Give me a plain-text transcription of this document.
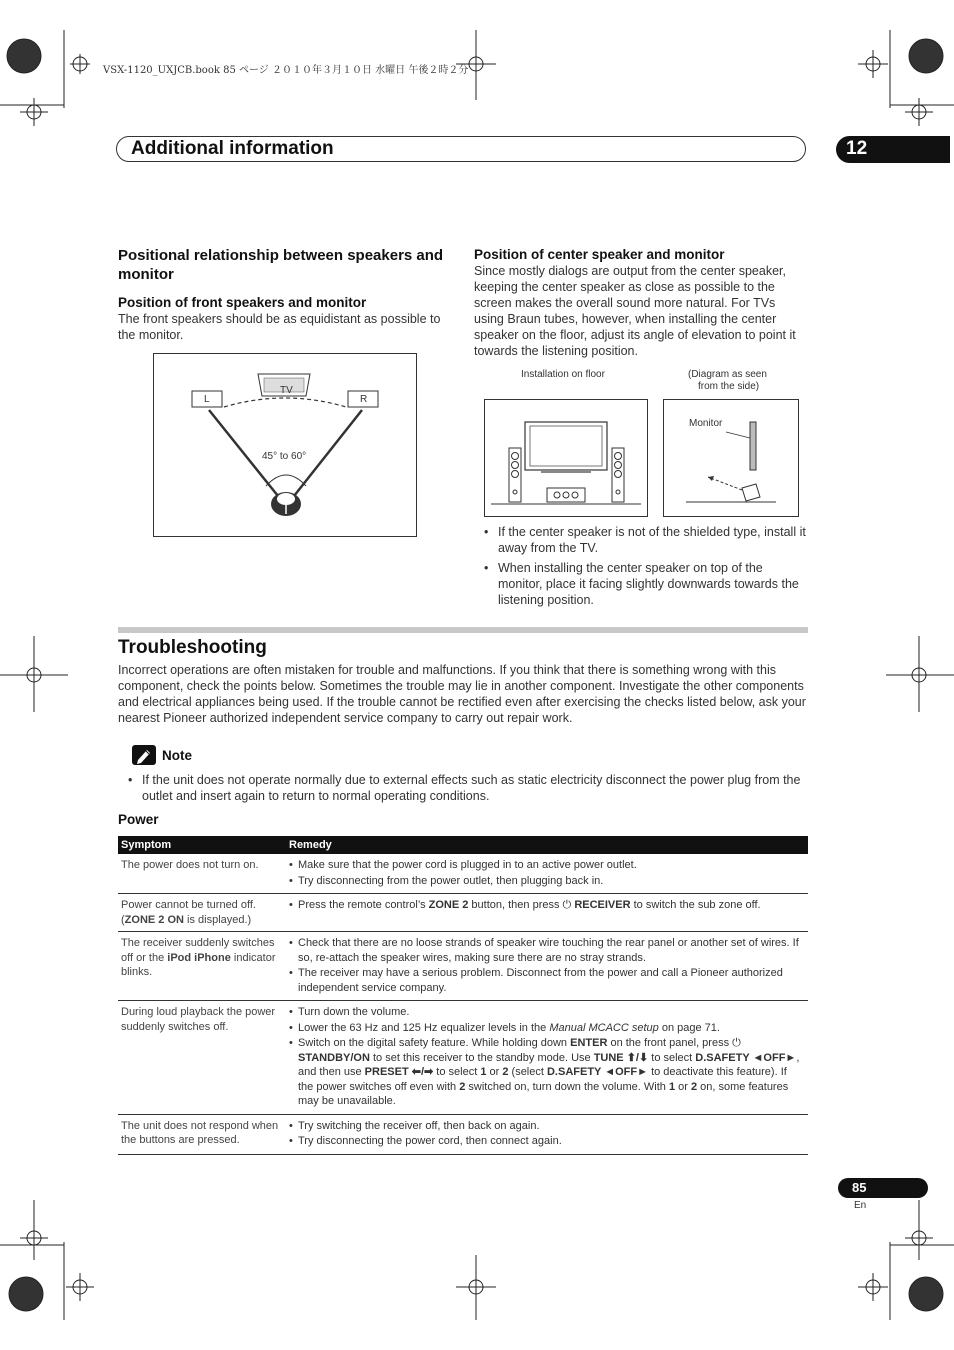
VSX-1120_UXJCB.book 85 ページ ２０１０年３月１０日 水曜日 午後２時２分
Additional information	12
Positional relationship between speakers and monitor
Position of front speakers and monitor

The front speakers should be as equidistant as possible to the monitor.

TV
L	R
45° to 60°
Position of center speaker and monitor

Since mostly dialogs are output from the center speaker, keeping the center speaker as close as possible to the screen makes the overall sound more natural. For TVs using Braun tubes, however, when installing the center speaker on the floor, adjust its angle of elevation to point it towards the listening position.

Installation on floor	(Diagram as seen
from the side)
Monitor
• If the center speaker is not of the shielded type, install it away from the TV.
• When installing the center speaker on top of the monitor, place it facing slightly downwards towards the listening position.
Troubleshooting

Incorrect operations are often mistaken for trouble and malfunctions. If you think that there is something wrong with this component, check the points below. Sometimes the trouble may lie in another component. Investigate the other components and electrical appliances being used. If the trouble cannot be rectified even after exercising the checks listed below, ask your nearest Pioneer authorized independent service company to carry out repair work.

Note
• If the unit does not operate normally due to external effects such as static electricity disconnect the power plug from the outlet and insert again to return to normal operating conditions.
Power
Symptom	Remedy
The power does not turn on.	• Make sure that the power cord is plugged in to an active power outlet.
• Try disconnecting from the power outlet, then plugging back in.

Power cannot be turned off. (ZONE 2 ON is displayed.)	• Press the remote control’s ZONE 2 button, then press ⏻ RECEIVER to switch the sub zone off.

The receiver suddenly switches off or the iPod iPhone indicator blinks.	• Check that there are no loose strands of speaker wire touching the rear panel or another set of wires. If so, re-attach the speaker wires, making sure there are no stray strands.
• The receiver may have a serious problem. Disconnect from the power and call a Pioneer authorized independent service company.

During loud playback the power suddenly switches off.	• Turn down the volume.
• Lower the 63 Hz and 125 Hz equalizer levels in the Manual MCACC setup on page 71.
• Switch on the digital safety feature. While holding down ENTER on the front panel, press ⏻ STANDBY/ON to set this receiver to the standby mode. Use TUNE ⬆/⬇ to select D.SAFETY ◄OFF►, and then use PRESET ⬅/➡ to select 1 or 2 (select D.SAFETY ◄OFF► to deactivate this feature). If the power switches off even with 2 switched on, turn down the volume. With 1 or 2 on, some features may be unavailable.

The unit does not respond when the buttons are pressed.	• Try switching the receiver off, then back on again.
• Try disconnecting the power cord, then connect again.
85
En
